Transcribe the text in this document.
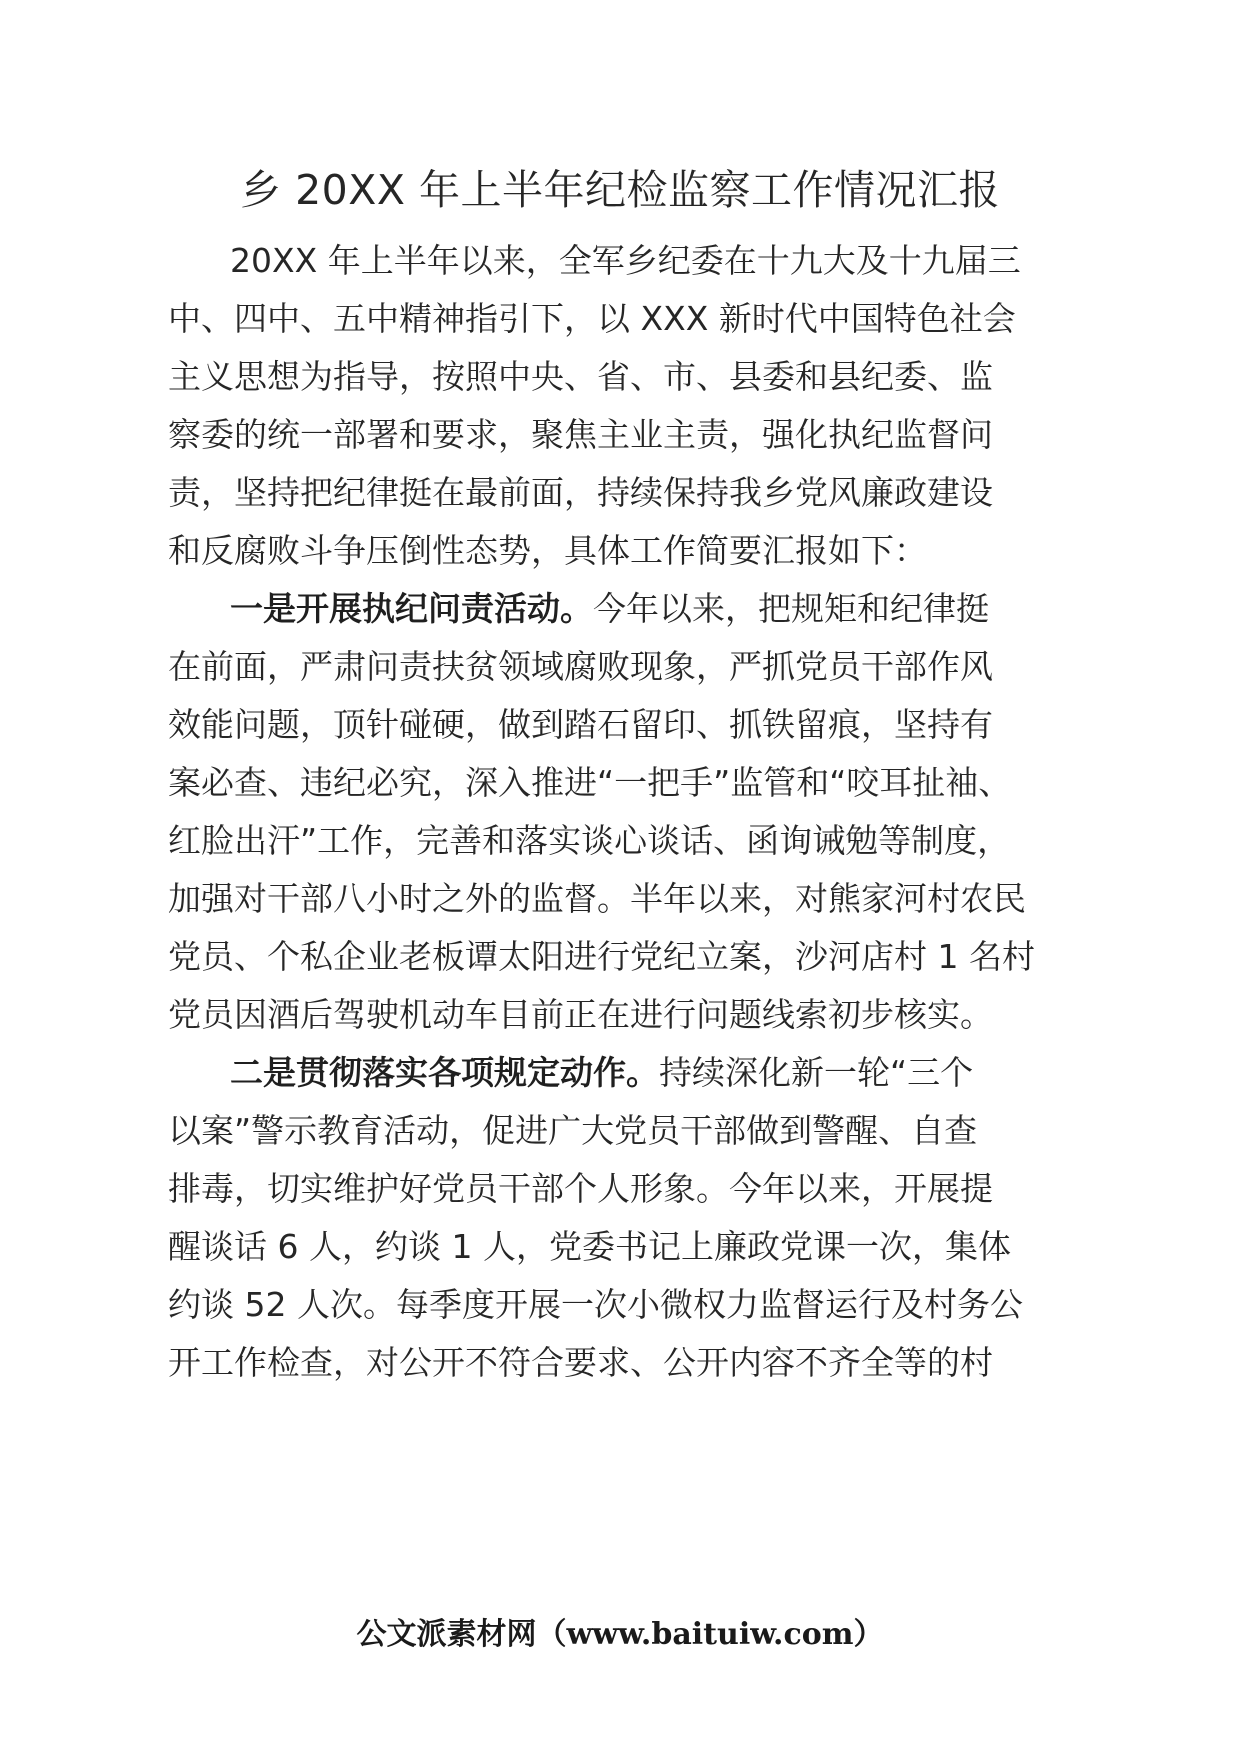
乡 20XX 年上半年纪检监察工作情况汇报
20XX 年上半年以来，全军乡纪委在十九大及十九届三
中、四中、五中精神指引下，以 XXX 新时代中国特色社会
主义思想为指导，按照中央、省、市、县委和县纪委、监
察委的统一部署和要求，聚焦主业主责，强化执纪监督问
责，坚持把纪律挺在最前面，持续保持我乡党风廉政建设
和反腐败斗争压倒性态势，具体工作简要汇报如下：
一是开展执纪问责活动。今年以来，把规矩和纪律挺
在前面，严肃问责扶贫领域腐败现象，严抓党员干部作风
效能问题，顶针碰硬，做到踏石留印、抓铁留痕，坚持有
案必查、违纪必究，深入推进“一把手”监管和“咬耳扯袖、
红脸出汗”工作，完善和落实谈心谈话、函询诫勉等制度，
加强对干部八小时之外的监督。半年以来，对熊家河村农民
党员、个私企业老板谭太阳进行党纪立案，沙河店村 1 名村
党员因酒后驾驶机动车目前正在进行问题线索初步核实。
二是贯彻落实各项规定动作。持续深化新一轮“三个
以案”警示教育活动，促进广大党员干部做到警醒、自查
排毒，切实维护好党员干部个人形象。今年以来，开展提
醒谈话 6 人，约谈 1 人，党委书记上廉政党课一次，集体
约谈 52 人次。每季度开展一次小微权力监督运行及村务公
开工作检查，对公开不符合要求、公开内容不齐全等的村
公文派素材网（www.baituiw.com）
